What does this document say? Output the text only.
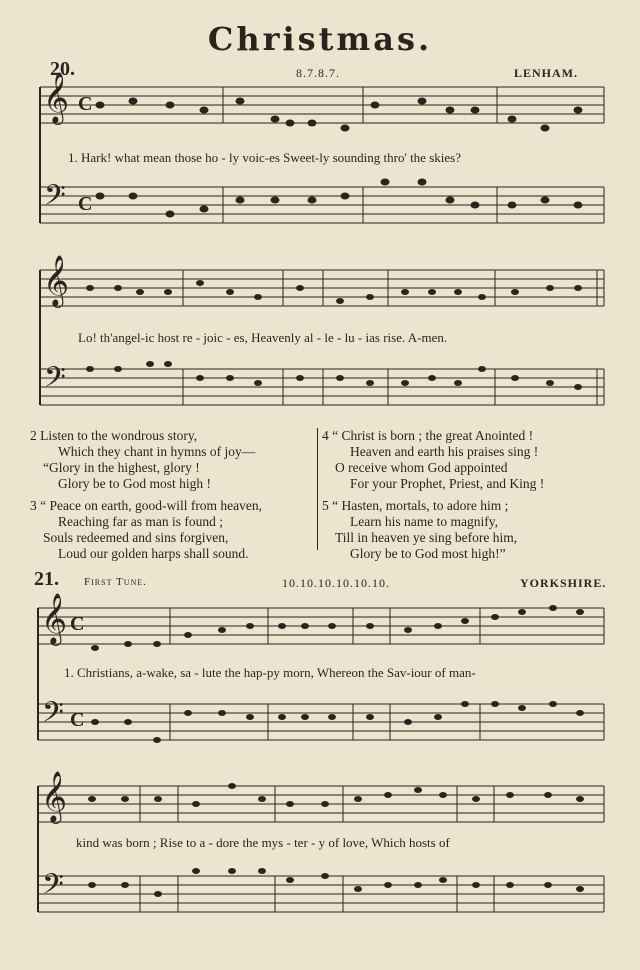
Christmas.
20.	8.7.8.7.	LENHAM.
𝄞
𝄢
C
C
1. Hark! what mean those ho - ly voic-es Sweet-ly sounding thro' the skies?
𝄞
𝄢
Lo! th'angel-ic host re - joic - es, Heavenly al - le - lu - ias rise. A-men.
2 Listen to the wondrous story,
Which they chant in hymns of joy—
“Glory in the highest, glory !
Glory be to God most high !
3 “ Peace on earth, good-will from heaven,
Reaching far as man is found ;
Souls redeemed and sins forgiven,
Loud our golden harps shall sound.
4 “ Christ is born ; the great Anointed !
Heaven and earth his praises sing !
O receive whom God appointed
For your Prophet, Priest, and King !
5 “ Hasten, mortals, to adore him ;
Learn his name to magnify,
Till in heaven ye sing before him,
Glory be to God most high!”
21. First Tune.	10.10.10.10.10.10.	YORKSHIRE.
𝄞
𝄢
C
C
1. Christians, a-wake, sa - lute the hap-py morn, Whereon the Sav-iour of man-
𝄞
𝄢
kind was born ; Rise to a - dore the mys - ter - y of love, Which hosts of
